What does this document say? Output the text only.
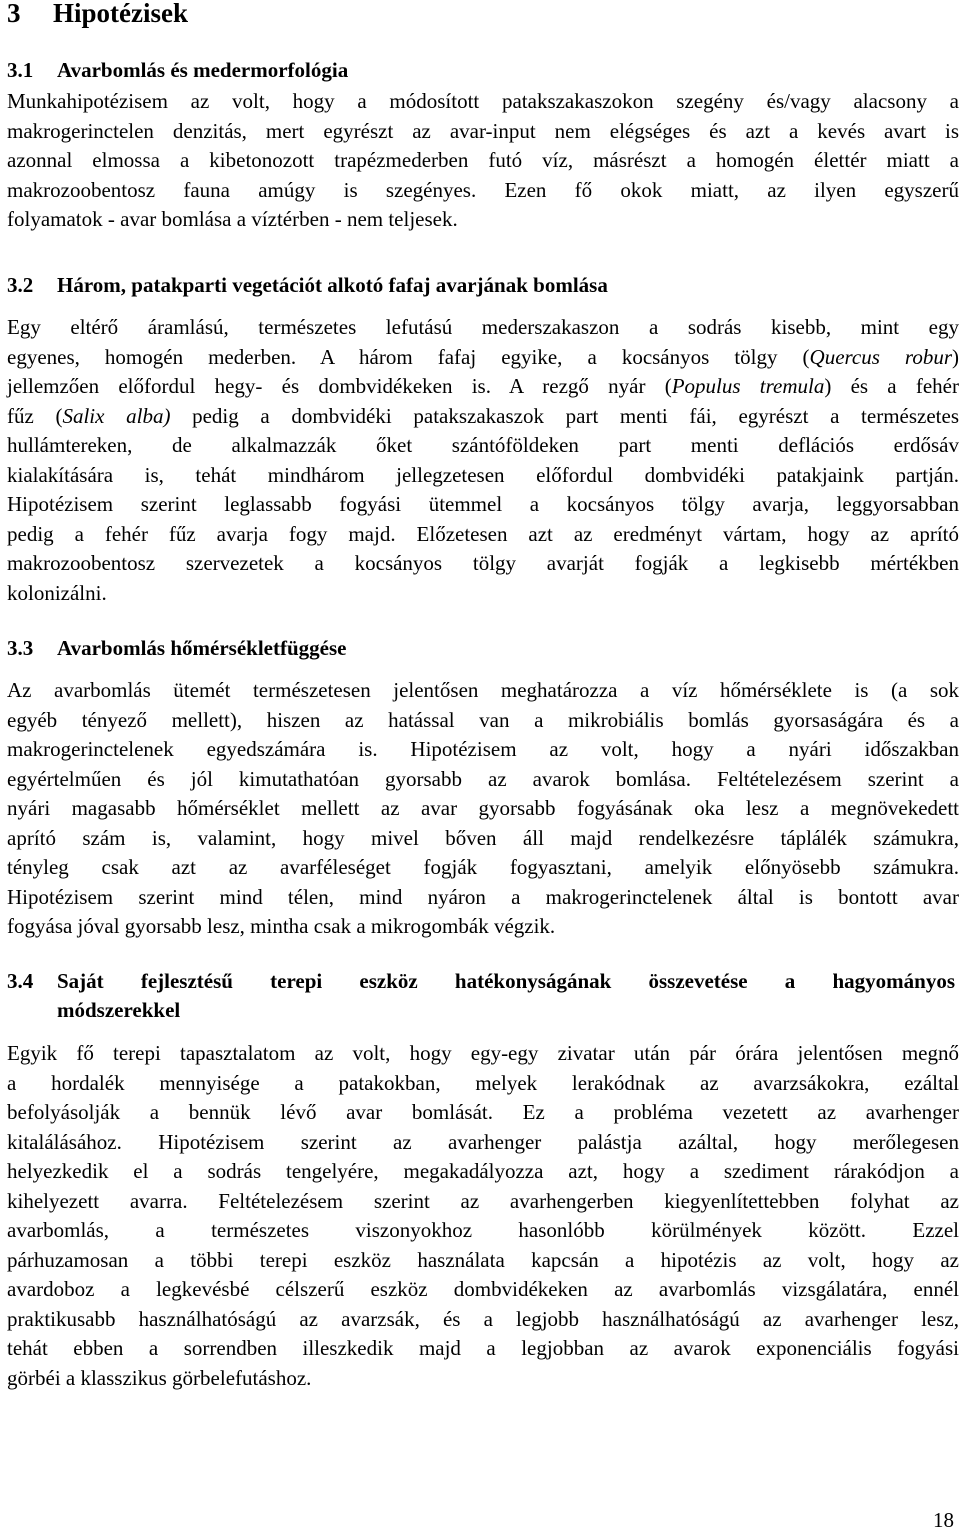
3 Hipotézisek
3.1 Avarbomlás és medermorfológia
Munkahipotézisem az volt, hogy a módosított patakszakaszokon szegény és/vagy alacsony a
makrogerinctelen denzitás, mert egyrészt az avar-input nem elégséges és azt a kevés avart is
azonnal elmossa a kibetonozott trapézmederben futó víz, másrészt a homogén élettér miatt a
makrozoobentosz fauna amúgy is szegényes. Ezen fő okok miatt, az ilyen egyszerű
folyamatok - avar bomlása a víztérben - nem teljesek.
3.2 Három, patakparti vegetációt alkotó fafaj avarjának bomlása
Egy eltérő áramlású, természetes lefutású mederszakaszon a sodrás kisebb, mint egy
egyenes, homogén mederben. A három fafaj egyike, a kocsányos tölgy (Quercus robur)
jellemzően előfordul hegy- és dombvidékeken is. A rezgő nyár (Populus tremula) és a fehér
fűz (Salix alba) pedig a dombvidéki patakszakaszok part menti fái, egyrészt a természetes
hullámtereken, de alkalmazzák őket szántóföldeken part menti deflációs erdősáv
kialakítására is, tehát mindhárom jellegzetesen előfordul dombvidéki patakjaink partján.
Hipotézisem szerint leglassabb fogyási ütemmel a kocsányos tölgy avarja, leggyorsabban
pedig a fehér fűz avarja fogy majd. Előzetesen azt az eredményt vártam, hogy az aprító
makrozoobentosz szervezetek a kocsányos tölgy avarját fogják a legkisebb mértékben
kolonizálni.
3.3 Avarbomlás hőmérsékletfüggése
Az avarbomlás ütemét természetesen jelentősen meghatározza a víz hőmérséklete is (a sok
egyéb tényező mellett), hiszen az hatással van a mikrobiális bomlás gyorsaságára és a
makrogerinctelenek egyedszámára is. Hipotézisem az volt, hogy a nyári időszakban
egyértelműen és jól kimutathatóan gyorsabb az avarok bomlása. Feltételezésem szerint a
nyári magasabb hőmérséklet mellett az avar gyorsabb fogyásának oka lesz a megnövekedett
aprító szám is, valamint, hogy mivel bőven áll majd rendelkezésre táplálék számukra,
tényleg csak azt az avarféleséget fogják fogyasztani, amelyik előnyösebb számukra.
Hipotézisem szerint mind télen, mind nyáron a makrogerinctelenek által is bontott avar
fogyása jóval gyorsabb lesz, mintha csak a mikrogombák végzik.
3.4 Saját fejlesztésű terepi eszköz hatékonyságának összevetése a hagyományos
módszerekkel
Egyik fő terepi tapasztalatom az volt, hogy egy-egy zivatar után pár órára jelentősen megnő
a hordalék mennyisége a patakokban, melyek lerakódnak az avarzsákokra, ezáltal
befolyásolják a bennük lévő avar bomlását. Ez a probléma vezetett az avarhenger
kitalálásához. Hipotézisem szerint az avarhenger palástja azáltal, hogy merőlegesen
helyezkedik el a sodrás tengelyére, megakadályozza azt, hogy a szediment rárakódjon a
kihelyezett avarra. Feltételezésem szerint az avarhengerben kiegyenlítettebben folyhat az
avarbomlás, a természetes viszonyokhoz hasonlóbb körülmények között. Ezzel
párhuzamosan a többi terepi eszköz használata kapcsán a hipotézis az volt, hogy az
avardoboz a legkevésbé célszerű eszköz dombvidékeken az avarbomlás vizsgálatára, ennél
praktikusabb használhatóságú az avarzsák, és a legjobb használhatóságú az avarhenger lesz,
tehát ebben a sorrendben illeszkedik majd a legjobban az avarok exponenciális fogyási
görbéi a klasszikus görbelefutáshoz.
18
